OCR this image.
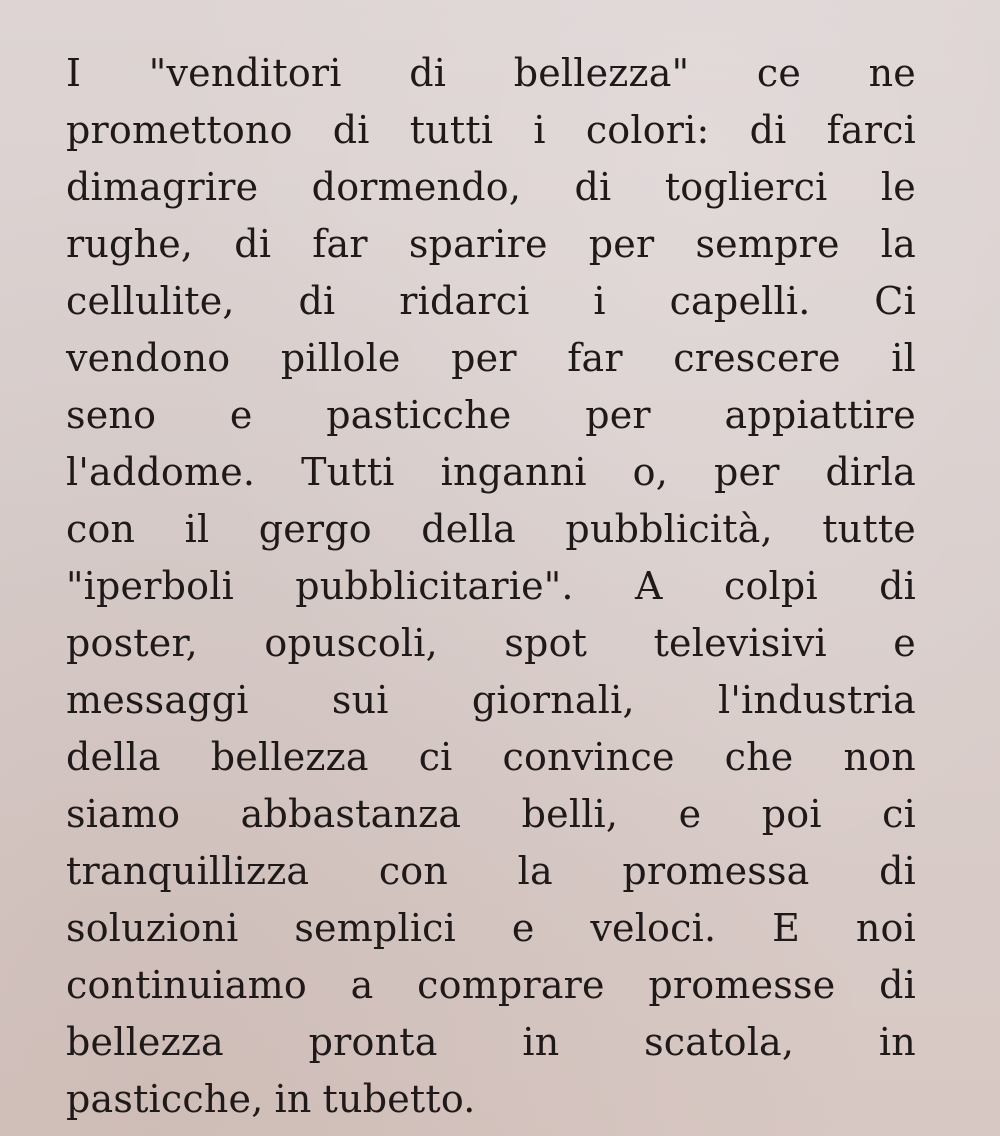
I "venditori di bellezza" ce ne
promettono di tutti i colori: di farci
dimagrire dormendo, di toglierci le
rughe, di far sparire per sempre la
cellulite, di ridarci i capelli. Ci
vendono pillole per far crescere il
seno e pasticche per appiattire
l'addome. Tutti inganni o, per dirla
con il gergo della pubblicità, tutte
"iperboli pubblicitarie". A colpi di
poster, opuscoli, spot televisivi e
messaggi sui giornali, l'industria
della bellezza ci convince che non
siamo abbastanza belli, e poi ci
tranquillizza con la promessa di
soluzioni semplici e veloci. E noi
continuiamo a comprare promesse di
bellezza pronta in scatola, in
pasticche, in tubetto.
